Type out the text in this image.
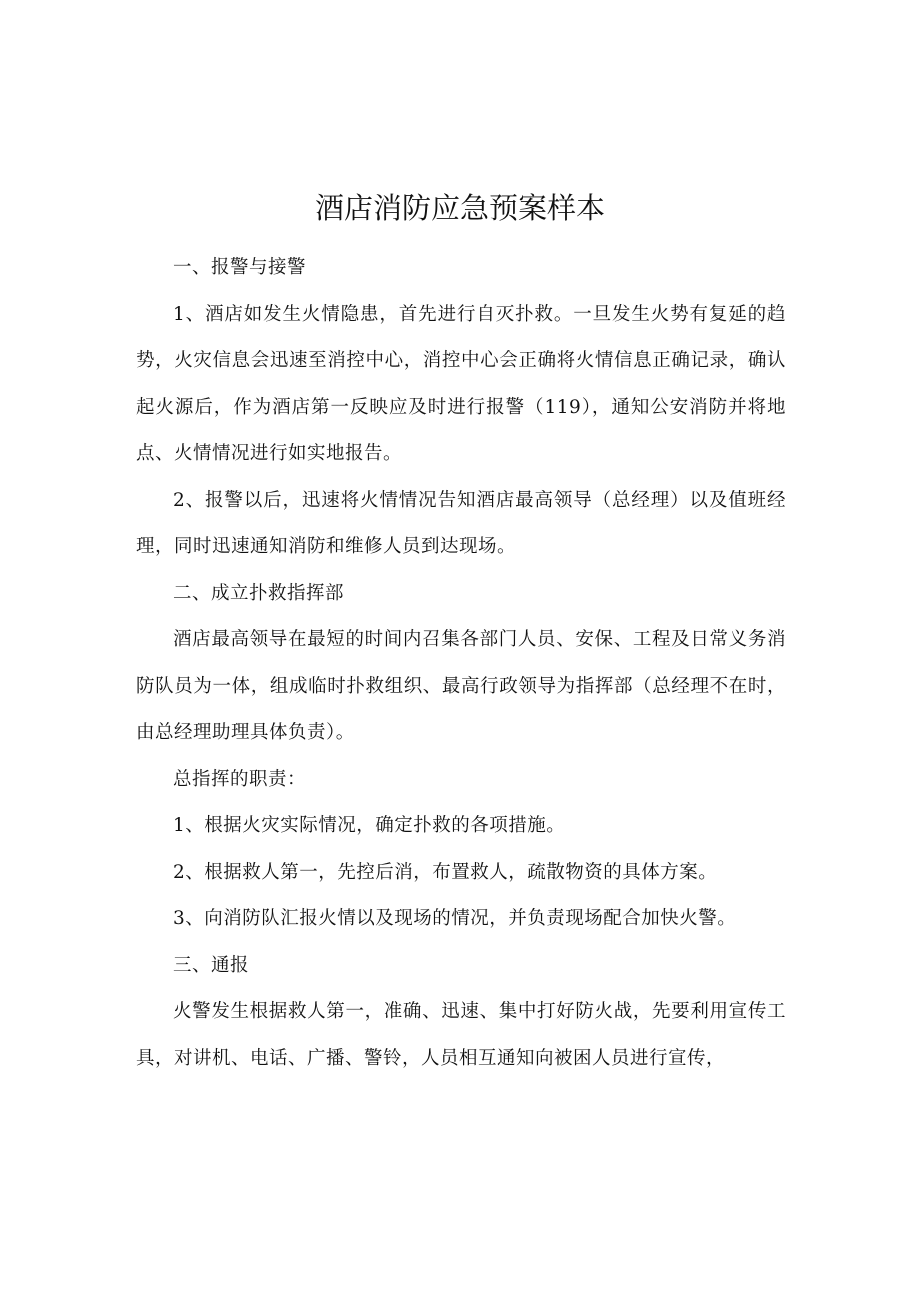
酒店消防应急预案样本

一、报警与接警

1、酒店如发生火情隐患，首先进行自灭扑救。一旦发生火势有复延的趋势，火灾信息会迅速至消控中心，消控中心会正确将火情信息正确记录，确认起火源后，作为酒店第一反映应及时进行报警（119），通知公安消防并将地点、火情情况进行如实地报告。

2、报警以后，迅速将火情情况告知酒店最高领导（总经理）以及值班经理，同时迅速通知消防和维修人员到达现场。

二、成立扑救指挥部

酒店最高领导在最短的时间内召集各部门人员、安保、工程及日常义务消防队员为一体，组成临时扑救组织、最高行政领导为指挥部（总经理不在时，由总经理助理具体负责）。

总指挥的职责：

1、根据火灾实际情况，确定扑救的各项措施。

2、根据救人第一，先控后消，布置救人，疏散物资的具体方案。

3、向消防队汇报火情以及现场的情况，并负责现场配合加快火警。

三、通报

火警发生根据救人第一，准确、迅速、集中打好防火战，先要利用宣传工具，对讲机、电话、广播、警铃，人员相互通知向被困人员进行宣传，
